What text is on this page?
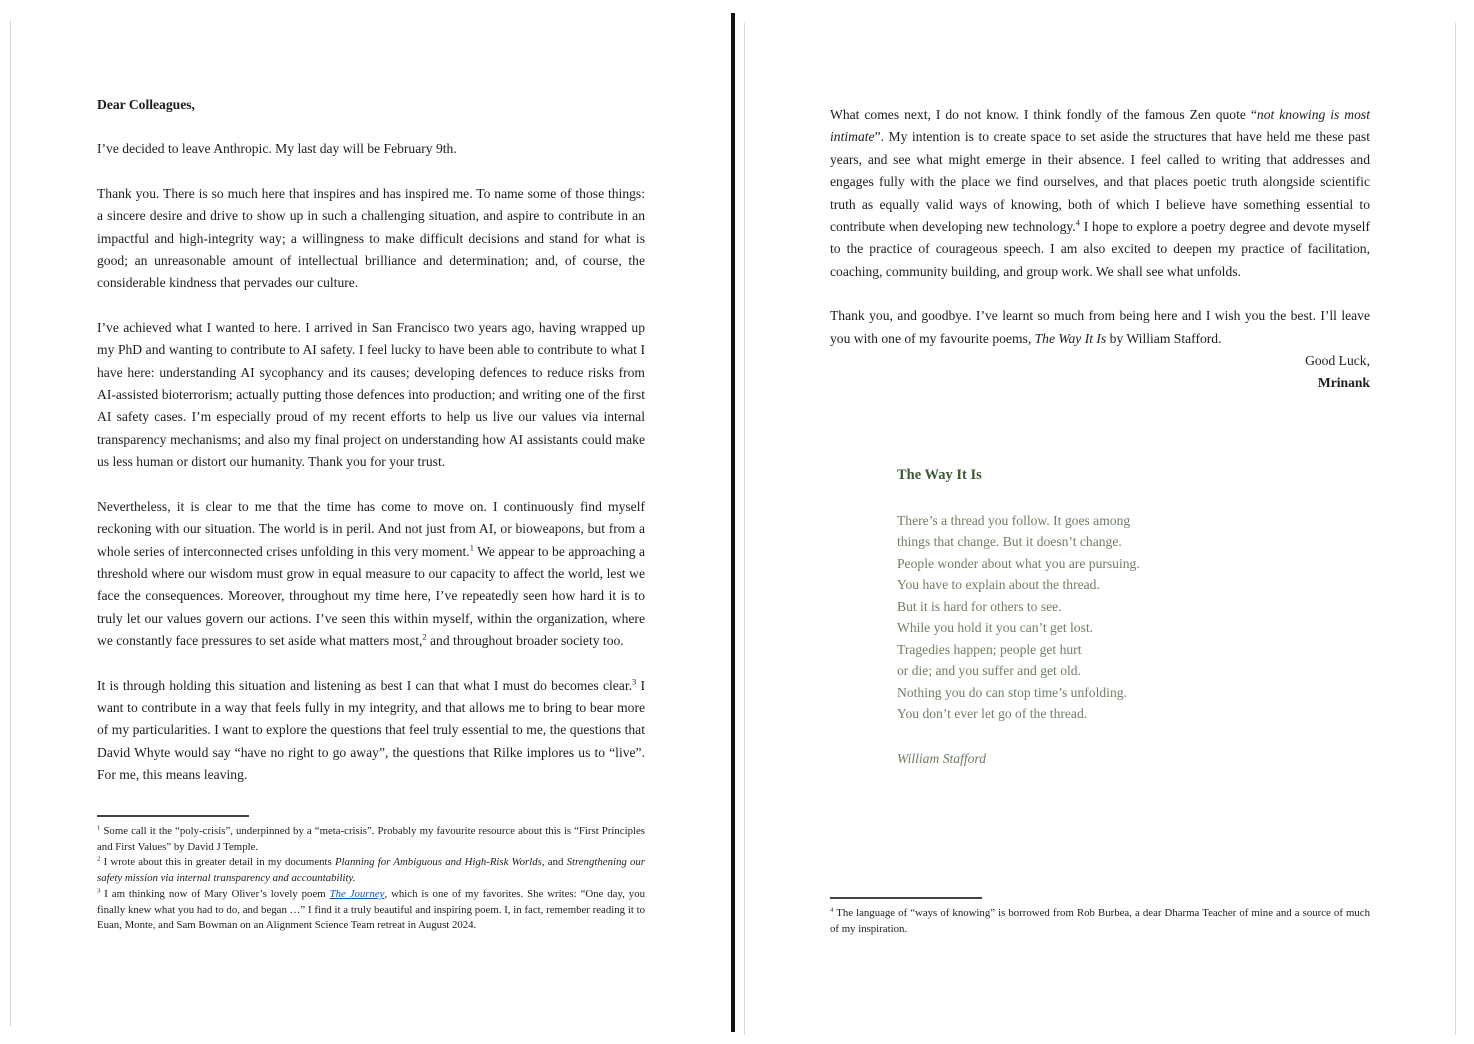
Dear Colleagues,

I’ve decided to leave Anthropic. My last day will be February 9th.

Thank you. There is so much here that inspires and has inspired me. To name some of those things: a sincere desire and drive to show up in such a challenging situation, and aspire to contribute in an impactful and high-integrity way; a willingness to make difficult decisions and stand for what is good; an unreasonable amount of intellectual brilliance and determination; and, of course, the considerable kindness that pervades our culture.

I’ve achieved what I wanted to here. I arrived in San Francisco two years ago, having wrapped up my PhD and wanting to contribute to AI safety. I feel lucky to have been able to contribute to what I have here: understanding AI sycophancy and its causes; developing defences to reduce risks from AI-assisted bioterrorism; actually putting those defences into production; and writing one of the first AI safety cases. I’m especially proud of my recent efforts to help us live our values via internal transparency mechanisms; and also my final project on understanding how AI assistants could make us less human or distort our humanity. Thank you for your trust.

Nevertheless, it is clear to me that the time has come to move on. I continuously find myself reckoning with our situation. The world is in peril. And not just from AI, or bioweapons, but from a whole series of interconnected crises unfolding in this very moment.$^1$ We appear to be approaching a threshold where our wisdom must grow in equal measure to our capacity to affect the world, lest we face the consequences. Moreover, throughout my time here, I’ve repeatedly seen how hard it is to truly let our values govern our actions. I’ve seen this within myself, within the organization, where we constantly face pressures to set aside what matters most,$^2$ and throughout broader society too.

It is through holding this situation and listening as best I can that what I must do becomes clear.$^3$ I want to contribute in a way that feels fully in my integrity, and that allows me to bring to bear more of my particularities. I want to explore the questions that feel truly essential to me, the questions that David Whyte would say “have no right to go away”, the questions that Rilke implores us to “live”. For me, this means leaving.

$^1$ Some call it the “poly-crisis”, underpinned by a “meta-crisis”. Probably my favourite resource about this is “First Principles and First Values” by David J Temple.

$^2$ I wrote about this in greater detail in my documents Planning for Ambiguous and High-Risk Worlds, and Strengthening our safety mission via internal transparency and accountability.

$^3$ I am thinking now of Mary Oliver’s lovely poem The Journey, which is one of my favorites. She writes: “One day, you finally knew what you had to do, and began …” I find it a truly beautiful and inspiring poem. I, in fact, remember reading it to Euan, Monte, and Sam Bowman on an Alignment Science Team retreat in August 2024.

What comes next, I do not know. I think fondly of the famous Zen quote “not knowing is most intimate”. My intention is to create space to set aside the structures that have held me these past years, and see what might emerge in their absence. I feel called to writing that addresses and engages fully with the place we find ourselves, and that places poetic truth alongside scientific truth as equally valid ways of knowing, both of which I believe have something essential to contribute when developing new technology.$^4$ I hope to explore a poetry degree and devote myself to the practice of courageous speech. I am also excited to deepen my practice of facilitation, coaching, community building, and group work. We shall see what unfolds.

Thank you, and goodbye. I’ve learnt so much from being here and I wish you the best. I’ll leave you with one of my favourite poems, The Way It Is by William Stafford.

Good Luck,
Mrinank

The Way It Is

There’s a thread you follow. It goes among
things that change. But it doesn’t change.
People wonder about what you are pursuing.
You have to explain about the thread.
But it is hard for others to see.
While you hold it you can’t get lost.
Tragedies happen; people get hurt
or die; and you suffer and get old.
Nothing you do can stop time’s unfolding.
You don’t ever let go of the thread.
William Stafford

$^4$ The language of “ways of knowing” is borrowed from Rob Burbea, a dear Dharma Teacher of mine and a source of much of my inspiration.
